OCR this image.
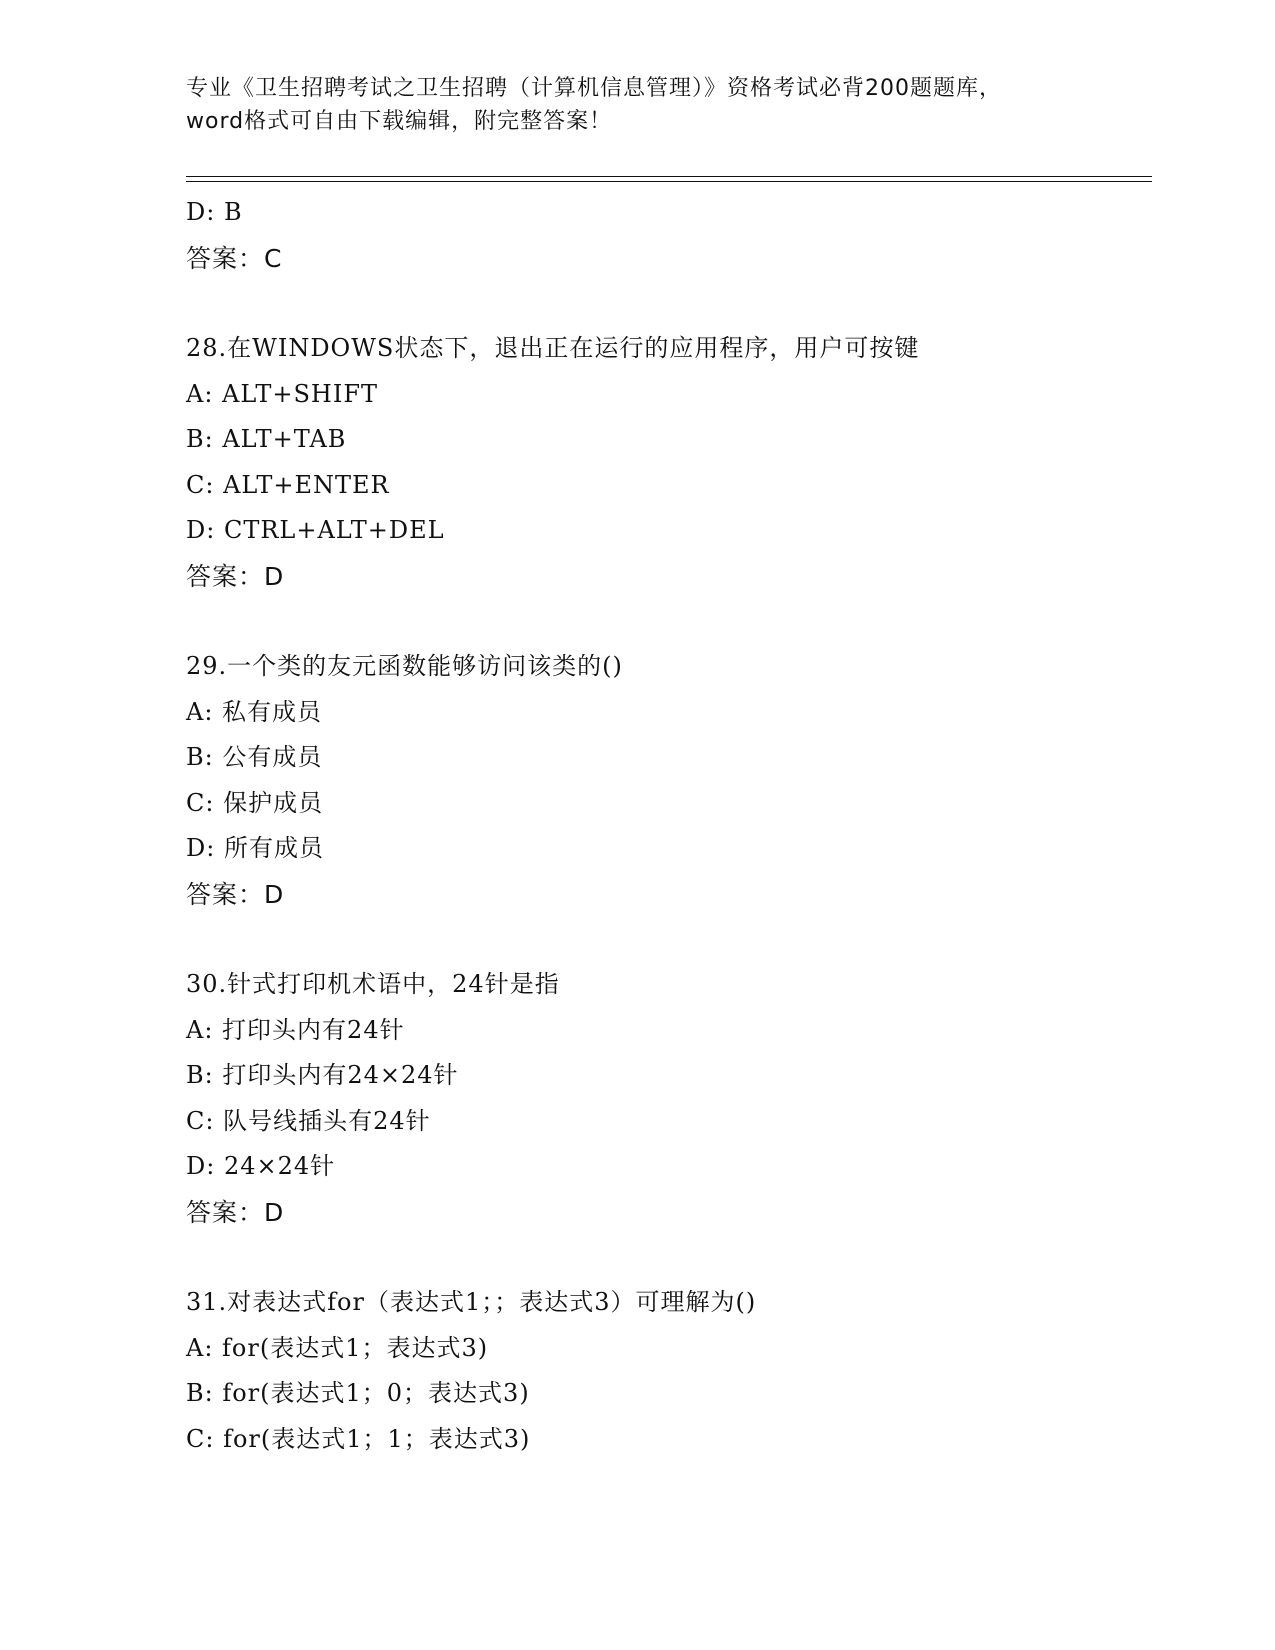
专业《卫生招聘考试之卫生招聘（计算机信息管理）》资格考试必背200题题库，
word格式可自由下载编辑，附完整答案！
D: B
答案：C
28.在WINDOWS状态下，退出正在运行的应用程序，用户可按键
A: ALT+SHIFT
B: ALT+TAB
C: ALT+ENTER
D: CTRL+ALT+DEL
答案：D
29.一个类的友元函数能够访问该类的()
A: 私有成员
B: 公有成员
C: 保护成员
D: 所有成员
答案：D
30.针式打印机术语中，24针是指
A: 打印头内有24针
B: 打印头内有24×24针
C: 队号线插头有24针
D: 24×24针
答案：D
31.对表达式for（表达式1；；表达式3）可理解为()
A: for(表达式1；表达式3)
B: for(表达式1；0；表达式3)
C: for(表达式1；1；表达式3)
